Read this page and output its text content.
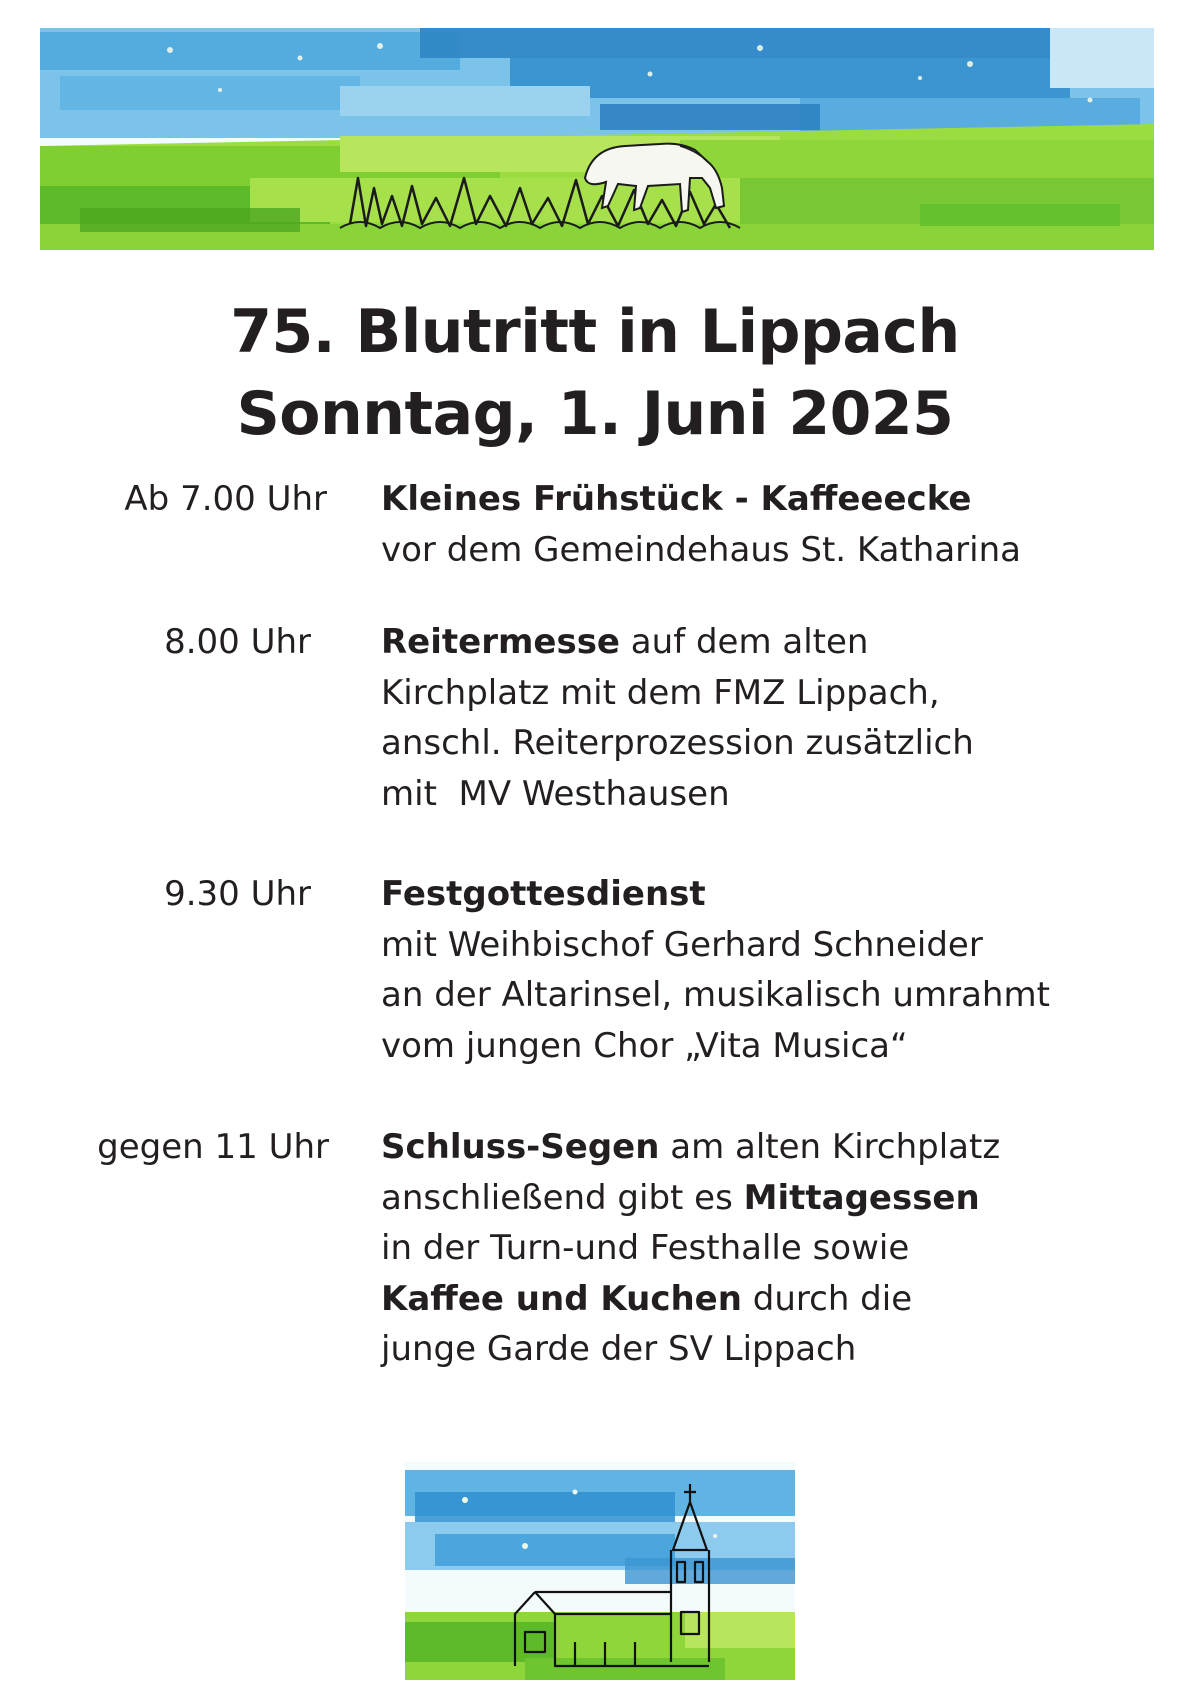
75. Blutritt in Lippach
Sonntag, 1. Juni 2025
Ab 7.00 Uhr Kleines Frühstück - Kaffeeecke
vor dem Gemeindehaus St. Katharina
8.00 Uhr Reitermesse auf dem alten
Kirchplatz mit dem FMZ Lippach,
anschl. Reiterprozession zusätzlich
mit  MV Westhausen
9.30 Uhr Festgottesdienst
mit Weihbischof Gerhard Schneider
an der Altarinsel, musikalisch umrahmt
vom jungen Chor „Vita Musica“
gegen 11 Uhr Schluss-Segen am alten Kirchplatz
anschließend gibt es Mittagessen
in der Turn-und Festhalle sowie
Kaffee und Kuchen durch die
junge Garde der SV Lippach
